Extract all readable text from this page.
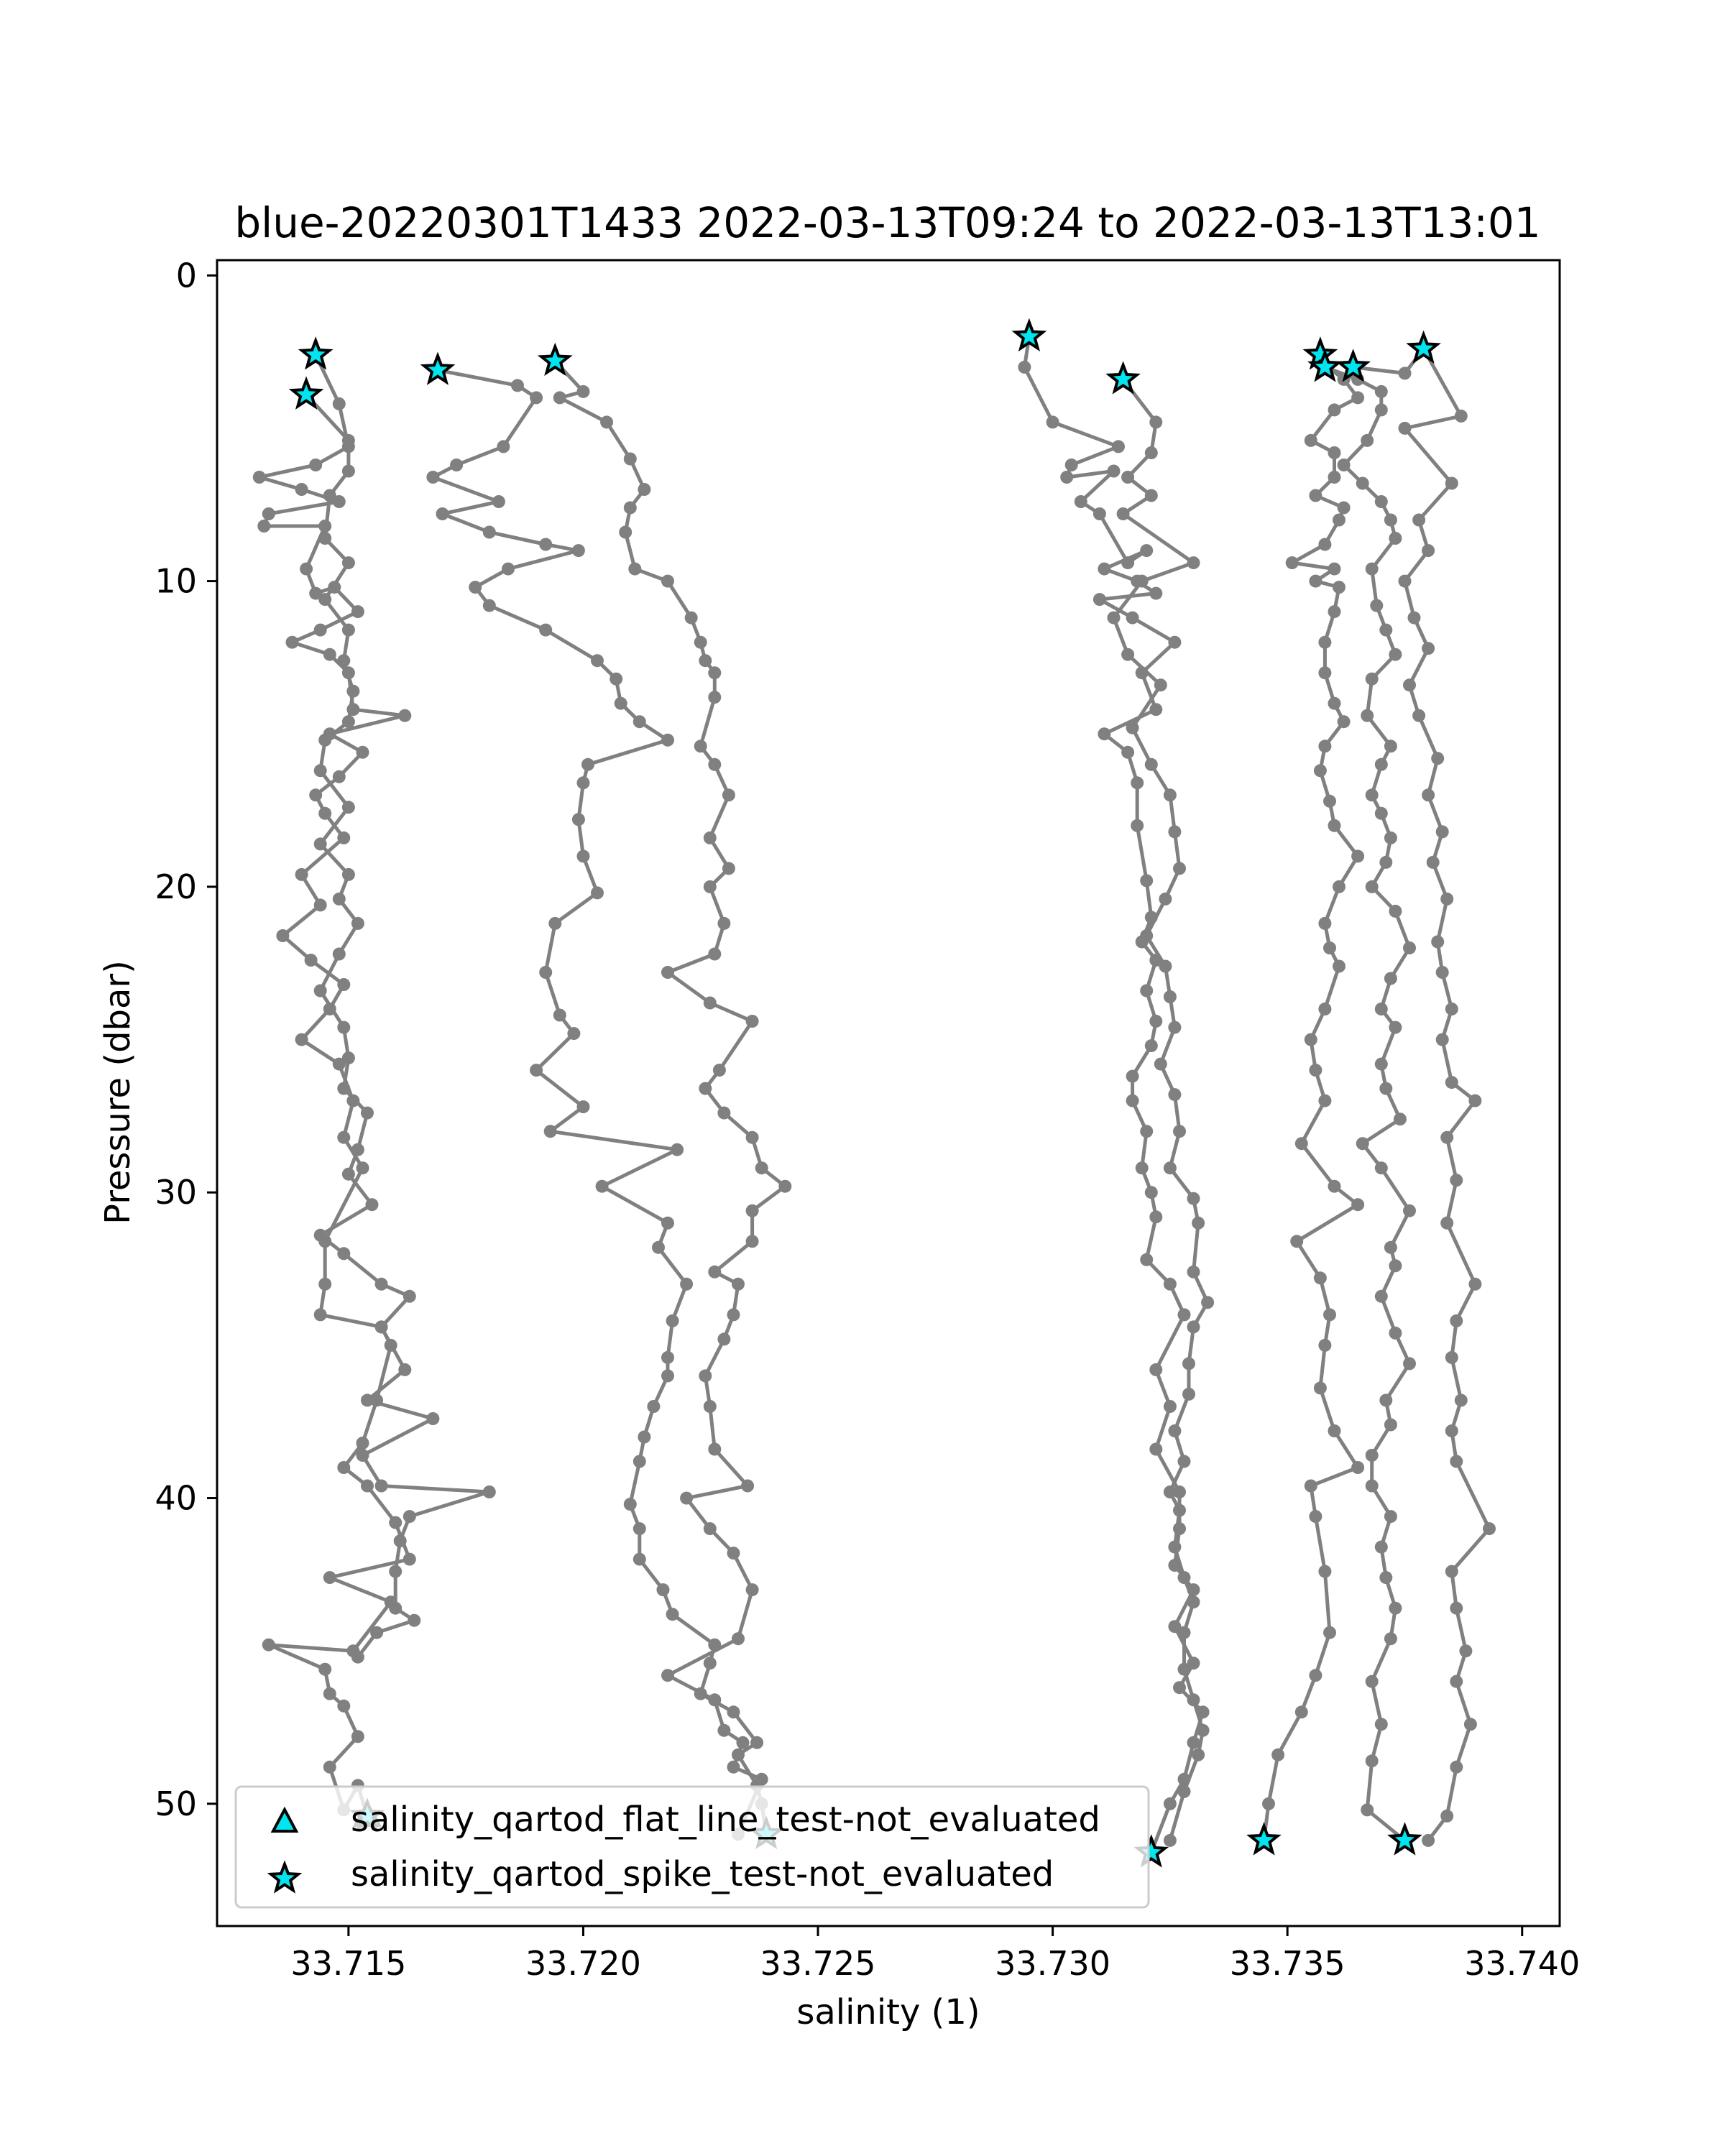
blue-20220301T1433 2022-03-13T09:24 to 2022-03-13T13:01
33.715	33.720	33.725	33.730	33.735	33.740
0
10
20
30
40
50
salinity (1)
Pressure (dbar)
salinity_qartod_flat_line_test-not_evaluated
salinity_qartod_spike_test-not_evaluated
